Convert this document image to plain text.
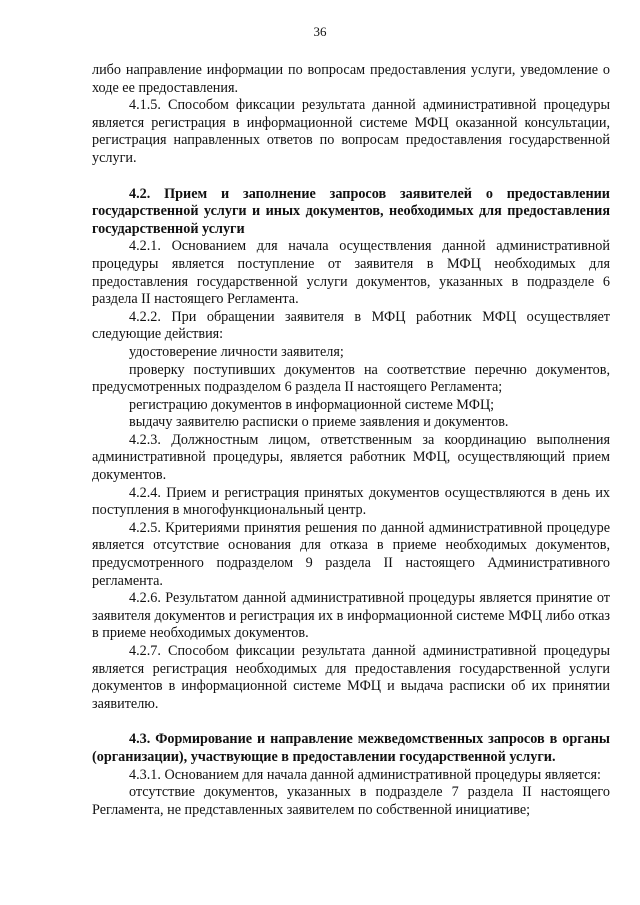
36

либо направление информации по вопросам предоставления услуги, уведомление о ходе ее предоставления.

4.1.5. Способом фиксации результата данной административной процедуры является регистрация в информационной системе МФЦ оказанной консультации, регистрация направленных ответов по вопросам предоставления государственной услуги.

4.2. Прием и заполнение запросов заявителей о предоставлении государственной услуги и иных документов, необходимых для предоставления государственной услуги

4.2.1. Основанием для начала осуществления данной административной процедуры является поступление от заявителя в МФЦ необходимых для предоставления государственной услуги документов, указанных в подразделе 6 раздела II настоящего Регламента.

4.2.2. При обращении заявителя в МФЦ работник МФЦ осуществляет следующие действия:

удостоверение личности заявителя;

проверку поступивших документов на соответствие перечню документов, предусмотренных подразделом 6 раздела II настоящего Регламента;

регистрацию документов в информационной системе МФЦ;

выдачу заявителю расписки о приеме заявления и документов.

4.2.3. Должностным лицом, ответственным за координацию выполнения административной процедуры, является работник МФЦ, осуществляющий прием документов.

4.2.4. Прием и регистрация принятых документов осуществляются в день их поступления в многофункциональный центр.

4.2.5. Критериями принятия решения по данной административной процедуре является отсутствие основания для отказа в приеме необходимых документов, предусмотренного подразделом 9 раздела II настоящего Административного регламента.

4.2.6. Результатом данной административной процедуры является принятие от заявителя документов и регистрация их в информационной системе МФЦ либо отказ в приеме необходимых документов.

4.2.7. Способом фиксации результата данной административной процедуры является регистрация необходимых для предоставления государственной услуги документов в информационной системе МФЦ и выдача расписки об их принятии заявителю.

4.3. Формирование и направление межведомственных запросов в органы (организации), участвующие в предоставлении государственной услуги.

4.3.1. Основанием для начала данной административной процедуры является:

отсутствие документов, указанных в подразделе 7 раздела II настоящего Регламента, не представленных заявителем по собственной инициативе;
